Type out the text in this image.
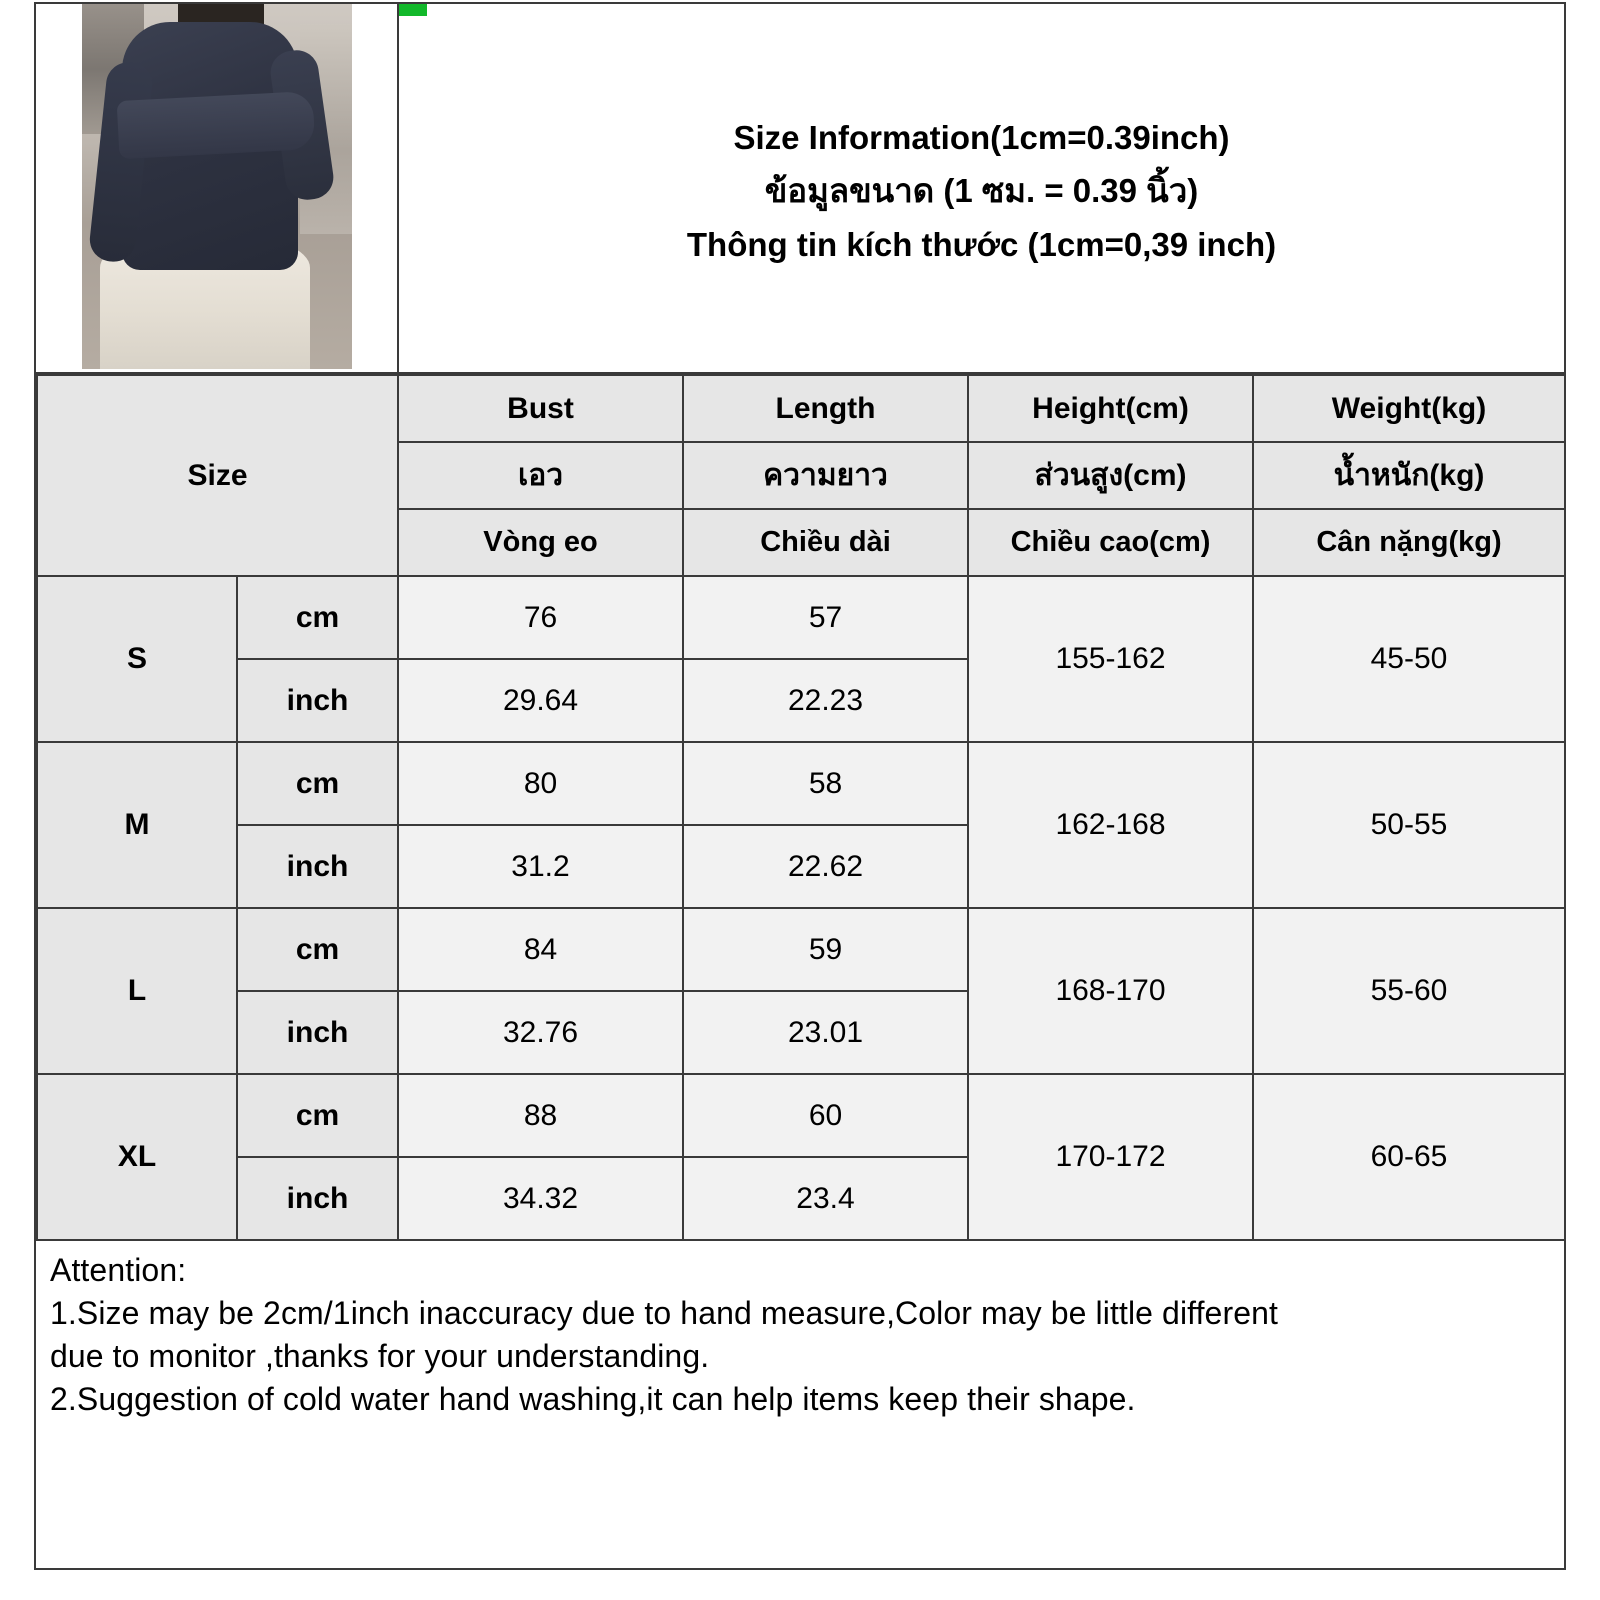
Size Information(1cm=0.39inch)
ข้อมูลขนาด (1 ซม. = 0.39 นิ้ว)
Thông tin kích thước (1cm=0,39 inch)
Size		Bust	Length	Height(cm)	Weight(kg)
		เอว	ความยาว	ส่วนสูง(cm)	น้ำหนัก(kg)
		Vòng eo	Chiều dài	Chiều cao(cm)	Cân nặng(kg)
S	cm	76	57	155-162	45-50
	inch	29.64	22.23		
M	cm	80	58	162-168	50-55
	inch	31.2	22.62		
L	cm	84	59	168-170	55-60
	inch	32.76	23.01		
XL	cm	88	60	170-172	60-65
	inch	34.32	23.4		

Attention:

1.Size may be 2cm/1inch inaccuracy due to hand measure,Color may be little different

due to monitor ,thanks for your understanding.

2.Suggestion of cold water hand washing,it can help items keep their shape.
